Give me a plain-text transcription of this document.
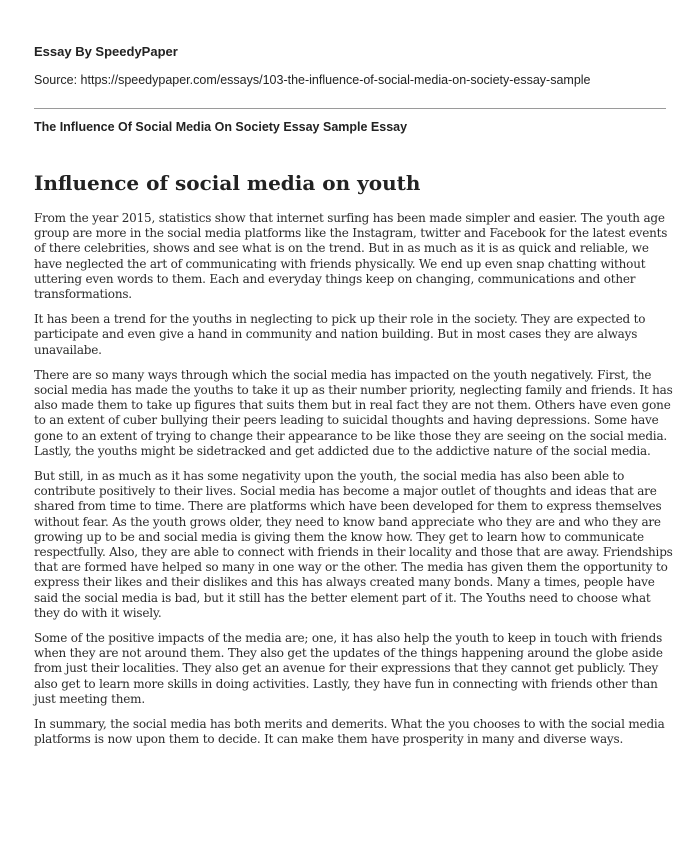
Essay By SpeedyPaper

Source: https://speedypaper.com/essays/103-the-influence-of-social-media-on-society-essay-sample

The Influence Of Social Media On Society Essay Sample Essay

Influence of social media on youth

From the year 2015, statistics show that internet surfing has been made simpler and easier. The youth age group are more in the social media platforms like the Instagram, twitter and Facebook for the latest events of there celebrities, shows and see what is on the trend. But in as much as it is as quick and reliable, we have neglected the art of communicating with friends physically. We end up even snap chatting without uttering even words to them. Each and everyday things keep on changing, communications and other transformations.

It has been a trend for the youths in neglecting to pick up their role in the society. They are expected to participate and even give a hand in community and nation building. But in most cases they are always unavailabe.

There are so many ways through which the social media has impacted on the youth negatively. First, the social media has made the youths to take it up as their number priority, neglecting family and friends. It has also made them to take up figures that suits them but in real fact they are not them. Others have even gone to an extent of cuber bullying their peers leading to suicidal thoughts and having depressions. Some have gone to an extent of trying to change their appearance to be like those they are seeing on the social media. Lastly, the youths might be sidetracked and get addicted due to the addictive nature of the social media.

But still, in as much as it has some negativity upon the youth, the social media has also been able to contribute positively to their lives. Social media has become a major outlet of thoughts and ideas that are shared from time to time. There are platforms which have been developed for them to express themselves without fear. As the youth grows older, they need to know band appreciate who they are and who they are growing up to be and social media is giving them the know how. They get to learn how to communicate respectfully. Also, they are able to connect with friends in their locality and those that are away. Friendships that are formed have helped so many in one way or the other. The media has given them the opportunity to express their likes and their dislikes and this has always created many bonds. Many a times, people have said the social media is bad, but it still has the better element part of it. The Youths need to choose what they do with it wisely.

Some of the positive impacts of the media are; one, it has also help the youth to keep in touch with friends when they are not around them. They also get the updates of the things happening around the globe aside from just their localities. They also get an avenue for their expressions that they cannot get publicly. They also get to learn more skills in doing activities. Lastly, they have fun in connecting with friends other than just meeting them.

In summary, the social media has both merits and demerits. What the you chooses to with the social media platforms is now upon them to decide. It can make them have prosperity in many and diverse ways.
